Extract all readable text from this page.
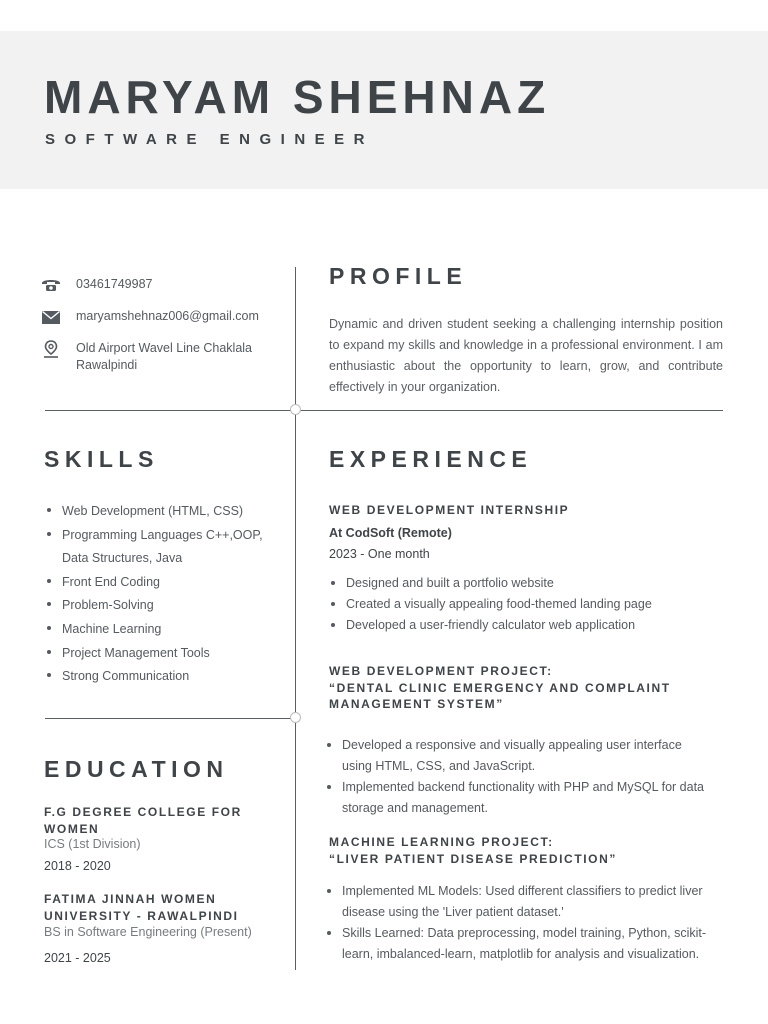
MARYAM SHEHNAZ
SOFTWARE ENGINEER
03461749987
maryamshehnaz006@gmail.com
Old Airport Wavel Line Chaklala Rawalpindi
PROFILE
Dynamic and driven student seeking a challenging internship position to expand my skills and knowledge in a professional environment. I am enthusiastic about the opportunity to learn, grow, and contribute effectively in your organization.
SKILLS
Web Development (HTML, CSS)
Programming Languages C++,OOP, Data Structures, Java
Front End Coding
Problem-Solving
Machine Learning
Project Management Tools
Strong Communication
EXPERIENCE
WEB DEVELOPMENT INTERNSHIP
At CodSoft (Remote)
2023 - One month
Designed and built a portfolio website
Created a visually appealing food-themed landing page
Developed a user-friendly calculator web application
WEB DEVELOPMENT PROJECT:
“DENTAL CLINIC EMERGENCY AND COMPLAINT
MANAGEMENT SYSTEM”
Developed a responsive and visually appealing user interface using HTML, CSS, and JavaScript.
Implemented backend functionality with PHP and MySQL for data storage and management.
MACHINE LEARNING PROJECT:
“LIVER PATIENT DISEASE PREDICTION”
Implemented ML Models: Used different classifiers to predict liver disease using the 'Liver patient dataset.'
Skills Learned: Data preprocessing, model training, Python, scikit-learn, imbalanced-learn, matplotlib for analysis and visualization.
EDUCATION
F.G DEGREE COLLEGE FOR WOMEN
ICS (1st Division)
2018 - 2020
FATIMA JINNAH WOMEN UNIVERSITY - RAWALPINDI
BS in Software Engineering (Present)
2021 - 2025
